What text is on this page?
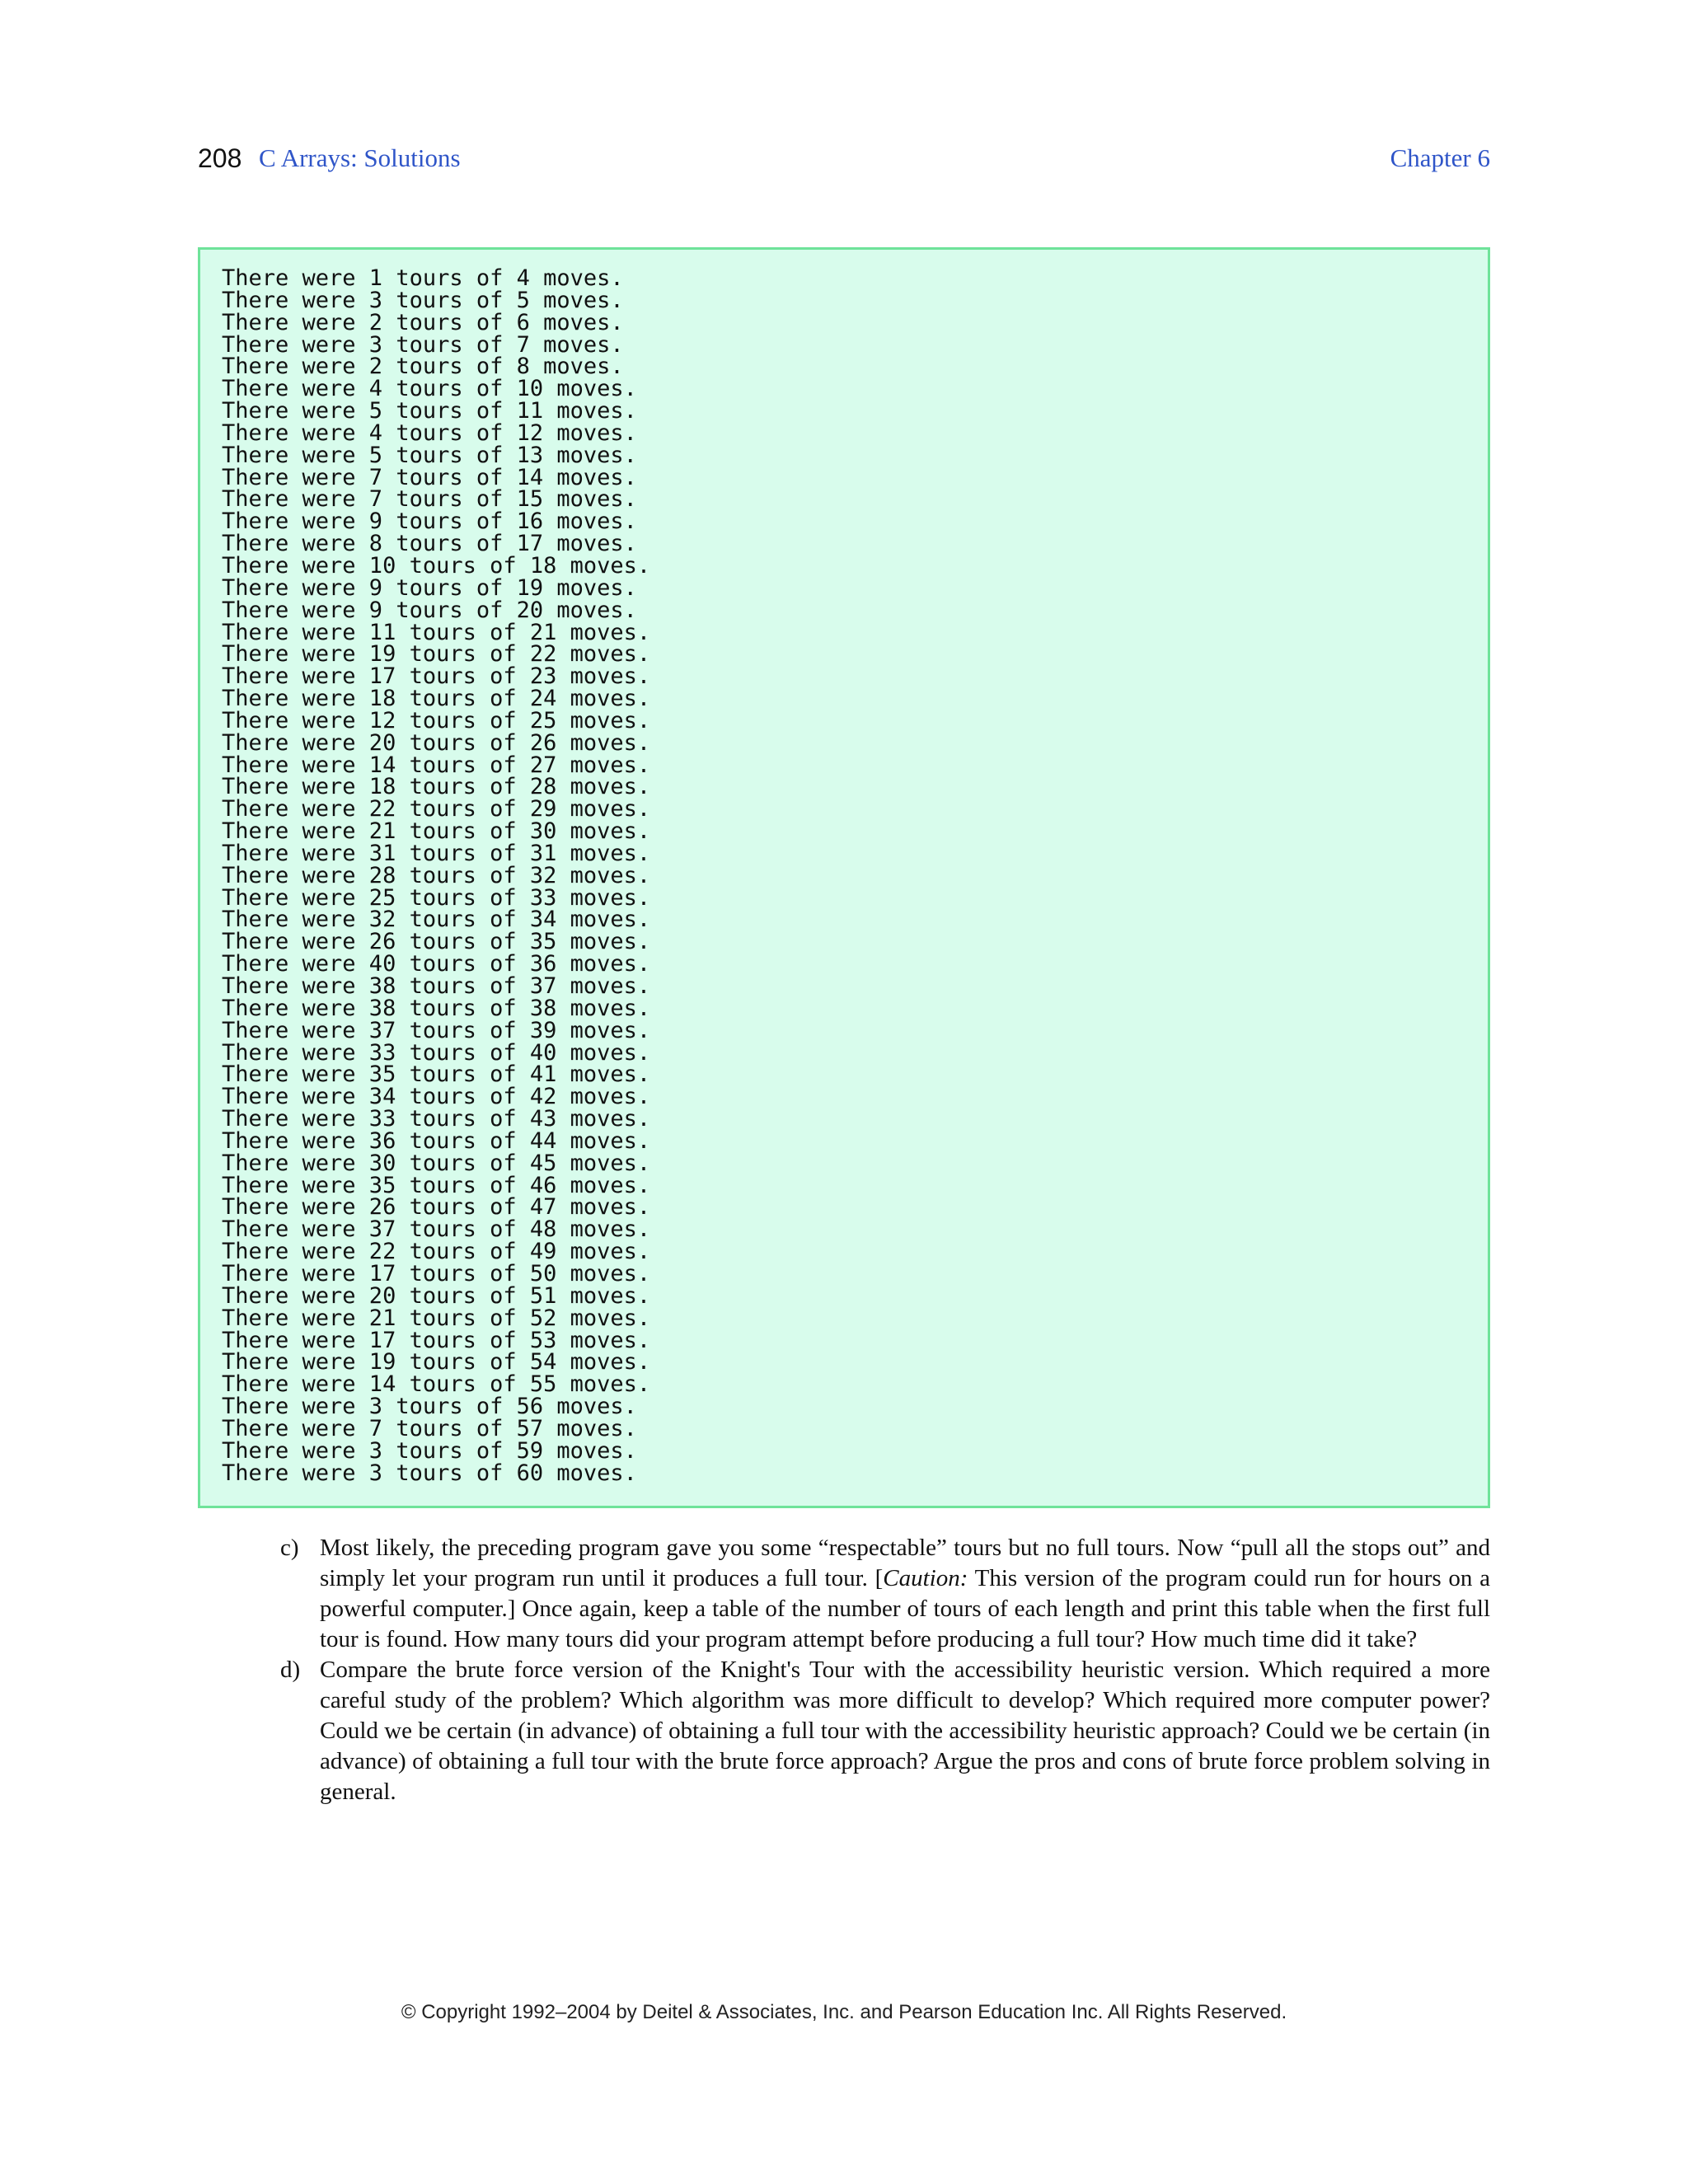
208 C Arrays: Solutions	Chapter 6
There were 1 tours of 4 moves.
There were 3 tours of 5 moves.
There were 2 tours of 6 moves.
There were 3 tours of 7 moves.
There were 2 tours of 8 moves.
There were 4 tours of 10 moves.
There were 5 tours of 11 moves.
There were 4 tours of 12 moves.
There were 5 tours of 13 moves.
There were 7 tours of 14 moves.
There were 7 tours of 15 moves.
There were 9 tours of 16 moves.
There were 8 tours of 17 moves.
There were 10 tours of 18 moves.
There were 9 tours of 19 moves.
There were 9 tours of 20 moves.
There were 11 tours of 21 moves.
There were 19 tours of 22 moves.
There were 17 tours of 23 moves.
There were 18 tours of 24 moves.
There were 12 tours of 25 moves.
There were 20 tours of 26 moves.
There were 14 tours of 27 moves.
There were 18 tours of 28 moves.
There were 22 tours of 29 moves.
There were 21 tours of 30 moves.
There were 31 tours of 31 moves.
There were 28 tours of 32 moves.
There were 25 tours of 33 moves.
There were 32 tours of 34 moves.
There were 26 tours of 35 moves.
There were 40 tours of 36 moves.
There were 38 tours of 37 moves.
There were 38 tours of 38 moves.
There were 37 tours of 39 moves.
There were 33 tours of 40 moves.
There were 35 tours of 41 moves.
There were 34 tours of 42 moves.
There were 33 tours of 43 moves.
There were 36 tours of 44 moves.
There were 30 tours of 45 moves.
There were 35 tours of 46 moves.
There were 26 tours of 47 moves.
There were 37 tours of 48 moves.
There were 22 tours of 49 moves.
There were 17 tours of 50 moves.
There were 20 tours of 51 moves.
There were 21 tours of 52 moves.
There were 17 tours of 53 moves.
There were 19 tours of 54 moves.
There were 14 tours of 55 moves.
There were 3 tours of 56 moves.
There were 7 tours of 57 moves.
There were 3 tours of 59 moves.
There were 3 tours of 60 moves.
c) Most likely, the preceding program gave you some “respectable” tours but no full tours. Now “pull all the stops out” and simply let your program run until it produces a full tour. [Caution: This version of the program could run for hours on a powerful computer.] Once again, keep a table of the number of tours of each length and print this table when the first full tour is found. How many tours did your program attempt before producing a full tour? How much time did it take?
d) Compare the brute force version of the Knight's Tour with the accessibility heuristic version. Which required a more careful study of the problem? Which algorithm was more difficult to develop? Which required more computer power? Could we be certain (in advance) of obtaining a full tour with the accessibility heuristic approach? Could we be certain (in advance) of obtaining a full tour with the brute force approach? Argue the pros and cons of brute force problem solving in general.
© Copyright 1992–2004 by Deitel & Associates, Inc. and Pearson Education Inc. All Rights Reserved.
